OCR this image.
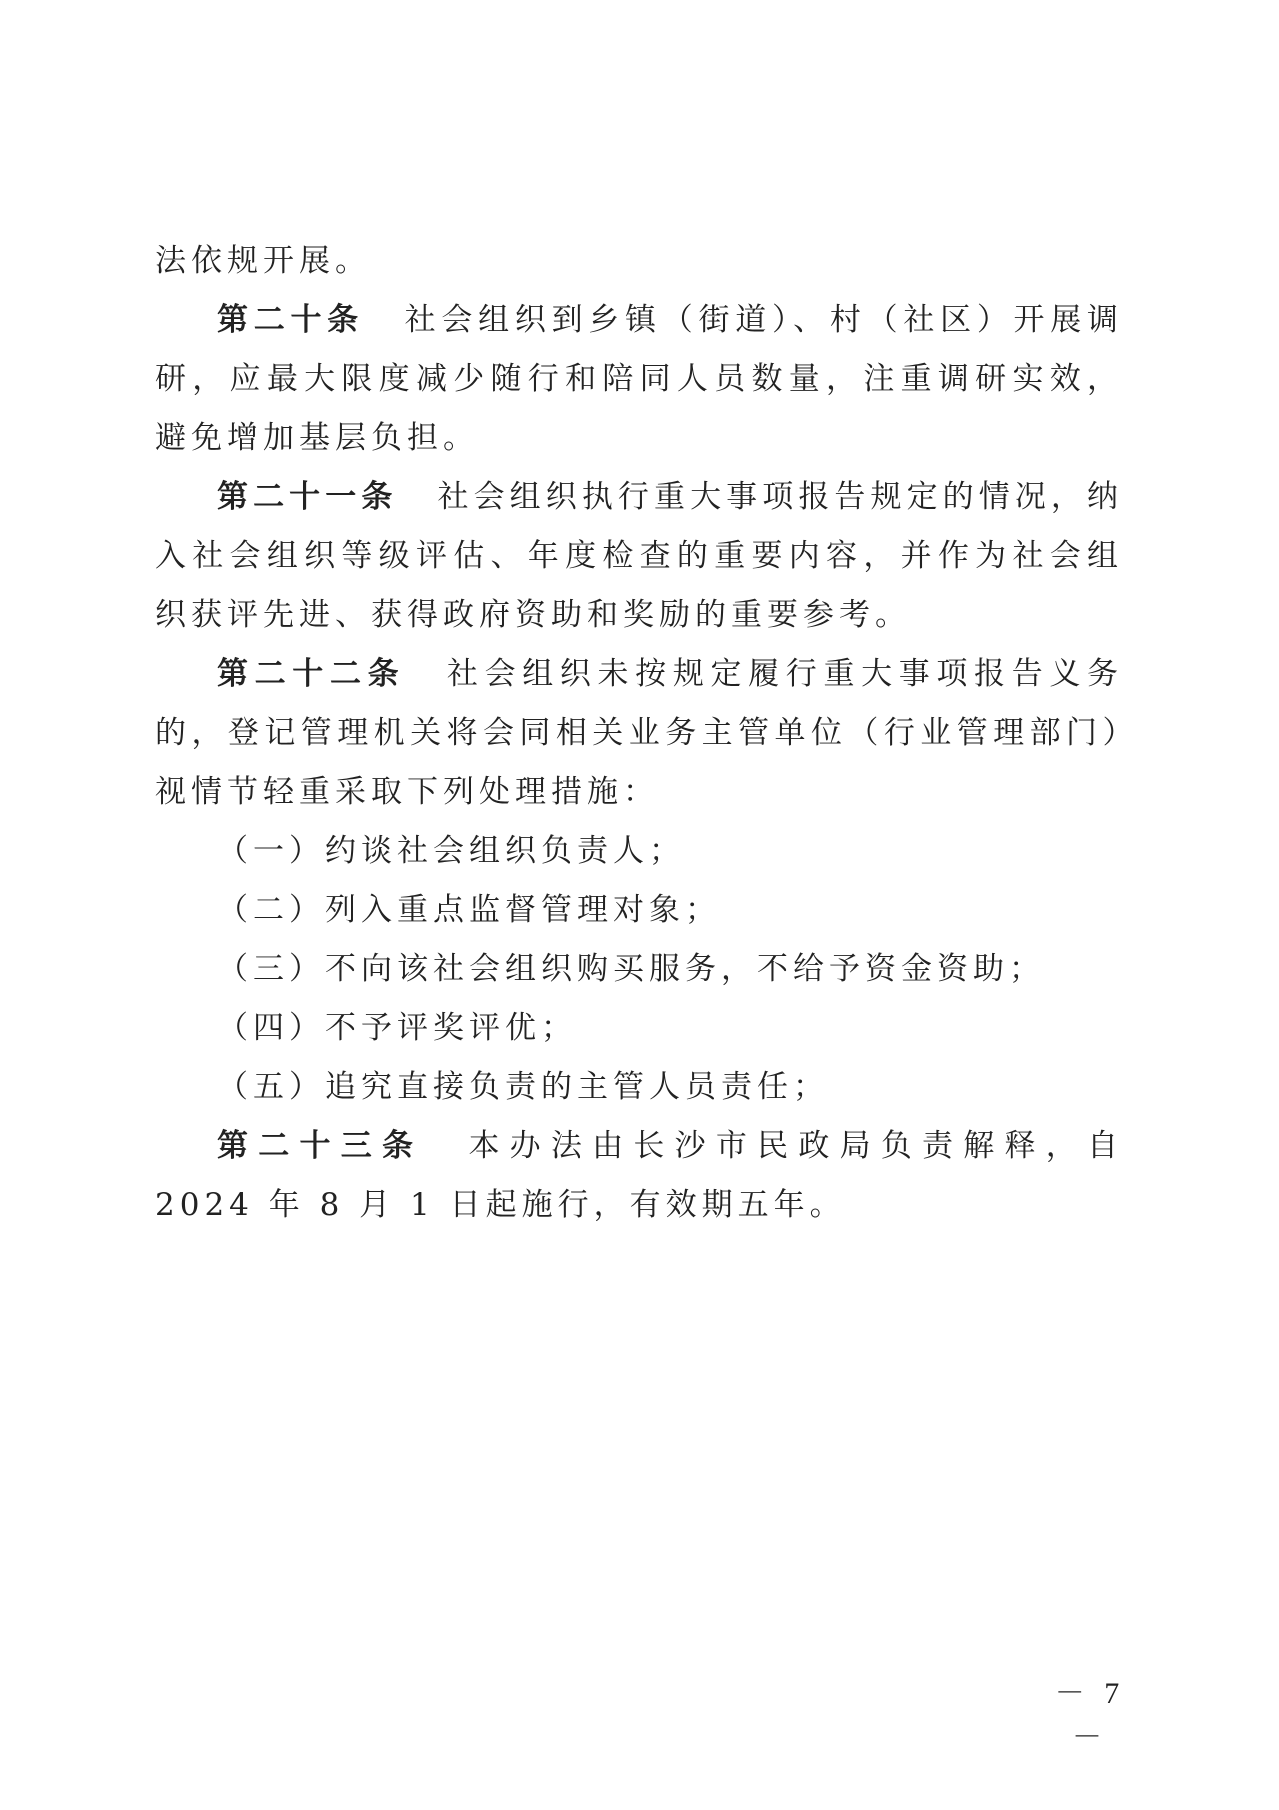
法依规开展。

第二十条 社会组织到乡镇（街道）、村（社区）开展调研，应最大限度减少随行和陪同人员数量，注重调研实效，避免增加基层负担。

第二十一条 社会组织执行重大事项报告规定的情况，纳入社会组织等级评估、年度检查的重要内容，并作为社会组织获评先进、获得政府资助和奖励的重要参考。

第二十二条 社会组织未按规定履行重大事项报告义务的，登记管理机关将会同相关业务主管单位（行业管理部门）视情节轻重采取下列处理措施：

（一）约谈社会组织负责人；

（二）列入重点监督管理对象；

（三）不向该社会组织购买服务，不给予资金资助；

（四）不予评奖评优；

（五）追究直接负责的主管人员责任；

第二十三条 本办法由长沙市民政局负责解释，自 2024 年 8 月 1 日起施行，有效期五年。

－ 7 －
